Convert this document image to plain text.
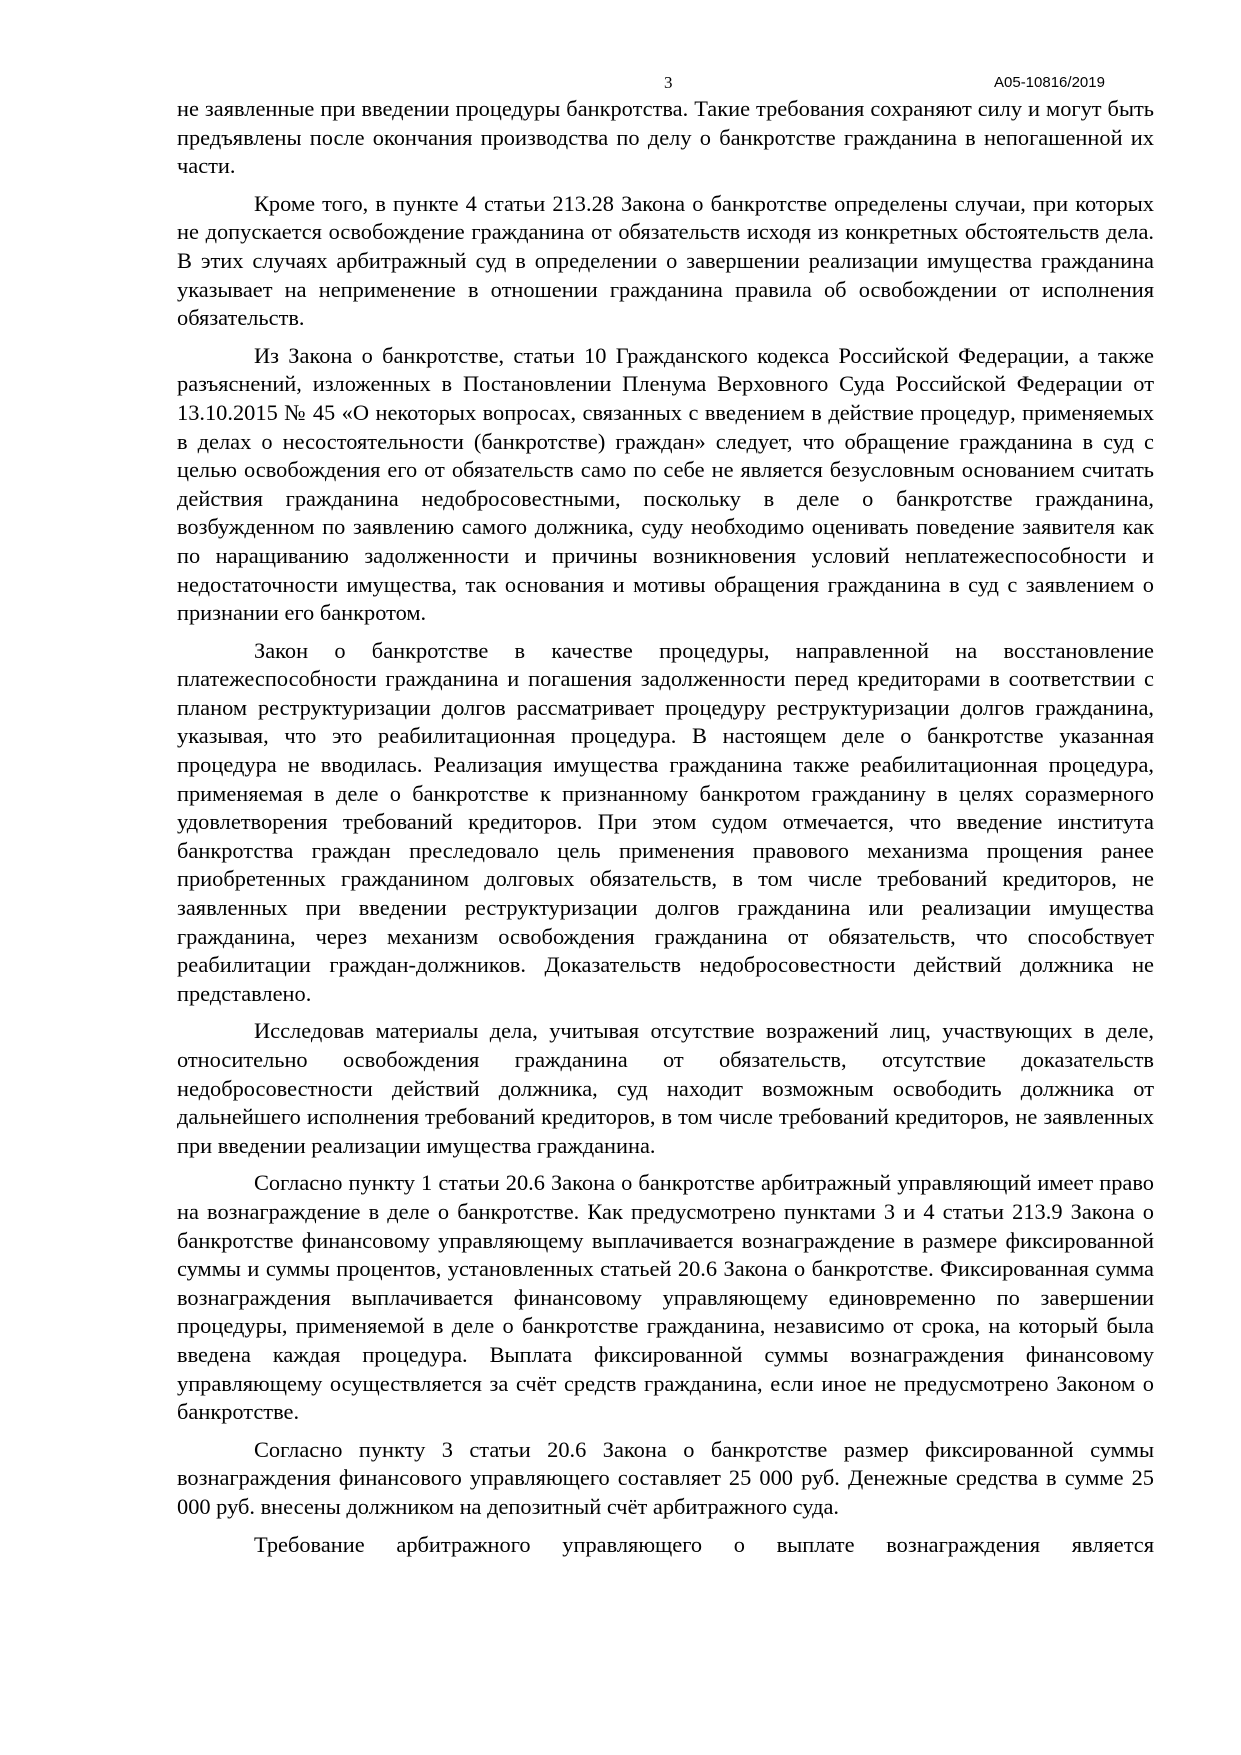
3	А05-10816/2019

не заявленные при введении процедуры банкротства. Такие требования сохраняют силу и могут быть предъявлены после окончания производства по делу о банкротстве гражданина в непогашенной их части.

Кроме того, в пункте 4 статьи 213.28 Закона о банкротстве определены случаи, при которых не допускается освобождение гражданина от обязательств исходя из конкретных обстоятельств дела. В этих случаях арбитражный суд в определении о завершении реализации имущества гражданина указывает на неприменение в отношении гражданина правила об освобождении от исполнения обязательств.

Из Закона о банкротстве, статьи 10 Гражданского кодекса Российской Федерации, а также разъяснений, изложенных в Постановлении Пленума Верховного Суда Российской Федерации от 13.10.2015 № 45 «О некоторых вопросах, связанных с введением в действие процедур, применяемых в делах о несостоятельности (банкротстве) граждан» следует, что обращение гражданина в суд с целью освобождения его от обязательств само по себе не является безусловным основанием считать действия гражданина недобросовестными, поскольку в деле о банкротстве гражданина, возбужденном по заявлению самого должника, суду необходимо оценивать поведение заявителя как по наращиванию задолженности и причины возникновения условий неплатежеспособности и недостаточности имущества, так основания и мотивы обращения гражданина в суд с заявлением о признании его банкротом.

Закон о банкротстве в качестве процедуры, направленной на восстановление платежеспособности гражданина и погашения задолженности перед кредиторами в соответствии с планом реструктуризации долгов рассматривает процедуру реструктуризации долгов гражданина, указывая, что это реабилитационная процедура. В настоящем деле о банкротстве указанная процедура не вводилась. Реализация имущества гражданина также реабилитационная процедура, применяемая в деле о банкротстве к признанному банкротом гражданину в целях соразмерного удовлетворения требований кредиторов. При этом судом отмечается, что введение института банкротства граждан преследовало цель применения правового механизма прощения ранее приобретенных гражданином долговых обязательств, в том числе требований кредиторов, не заявленных при введении реструктуризации долгов гражданина или реализации имущества гражданина, через механизм освобождения гражданина от обязательств, что способствует реабилитации граждан-должников. Доказательств недобросовестности действий должника не представлено.

Исследовав материалы дела, учитывая отсутствие возражений лиц, участвующих в деле, относительно освобождения гражданина от обязательств, отсутствие доказательств недобросовестности действий должника, суд находит возможным освободить должника от дальнейшего исполнения требований кредиторов, в том числе требований кредиторов, не заявленных при введении реализации имущества гражданина.

Согласно пункту 1 статьи 20.6 Закона о банкротстве арбитражный управляющий имеет право на вознаграждение в деле о банкротстве. Как предусмотрено пунктами 3 и 4 статьи 213.9 Закона о банкротстве финансовому управляющему выплачивается вознаграждение в размере фиксированной суммы и суммы процентов, установленных статьей 20.6 Закона о банкротстве. Фиксированная сумма вознаграждения выплачивается финансовому управляющему единовременно по завершении процедуры, применяемой в деле о банкротстве гражданина, независимо от срока, на который была введена каждая процедура. Выплата фиксированной суммы вознаграждения финансовому управляющему осуществляется за счёт средств гражданина, если иное не предусмотрено Законом о банкротстве.

Согласно пункту 3 статьи 20.6 Закона о банкротстве размер фиксированной суммы вознаграждения финансового управляющего составляет 25 000 руб. Денежные средства в сумме 25 000 руб. внесены должником на депозитный счёт арбитражного суда.

Требование арбитражного управляющего о выплате вознаграждения является
